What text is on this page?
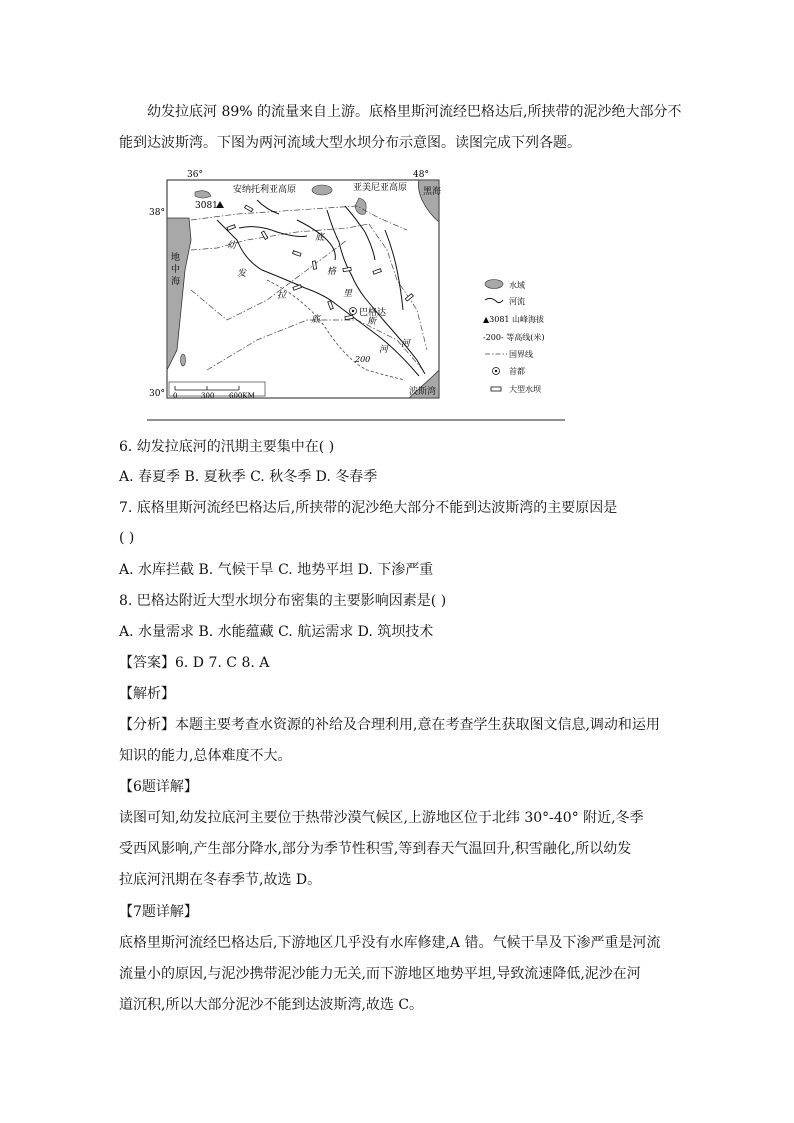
幼发拉底河 89% 的流量来自上游。底格里斯河流经巴格达后,所挟带的泥沙绝大部分不
能到达波斯湾。下图为两河流域大型水坝分布示意图。读图完成下列各题。
黑海
地
中
海
波斯湾
36°	48°
38°
30°
安纳托利亚高原	亚美尼亚高原
3081
200
幼
发
拉
底
河
底
格
里
斯
河
巴格达
0	300 600KM
水域
河流
▲3081 山峰海拔
-200- 等高线(米)
国界线
首都
大型水坝
6. 幼发拉底河的汛期主要集中在( )
A. 春夏季 B. 夏秋季 C. 秋冬季 D. 冬春季
7. 底格里斯河流经巴格达后,所挟带的泥沙绝大部分不能到达波斯湾的主要原因是
( )
A. 水库拦截 B. 气候干旱 C. 地势平坦 D. 下渗严重
8. 巴格达附近大型水坝分布密集的主要影响因素是( )
A. 水量需求 B. 水能蕴藏 C. 航运需求 D. 筑坝技术
【答案】6. D 7. C 8. A
【解析】
【分析】本题主要考查水资源的补给及合理利用,意在考查学生获取图文信息,调动和运用
知识的能力,总体难度不大。
【6题详解】
读图可知,幼发拉底河主要位于热带沙漠气候区,上游地区位于北纬 30°-40° 附近,冬季
受西风影响,产生部分降水,部分为季节性积雪,等到春天气温回升,积雪融化,所以幼发
拉底河汛期在冬春季节,故选 D。
【7题详解】
底格里斯河流经巴格达后,下游地区几乎没有水库修建,A 错。气候干旱及下渗严重是河流
流量小的原因,与泥沙携带泥沙能力无关,而下游地区地势平坦,导致流速降低,泥沙在河
道沉积,所以大部分泥沙不能到达波斯湾,故选 C。
